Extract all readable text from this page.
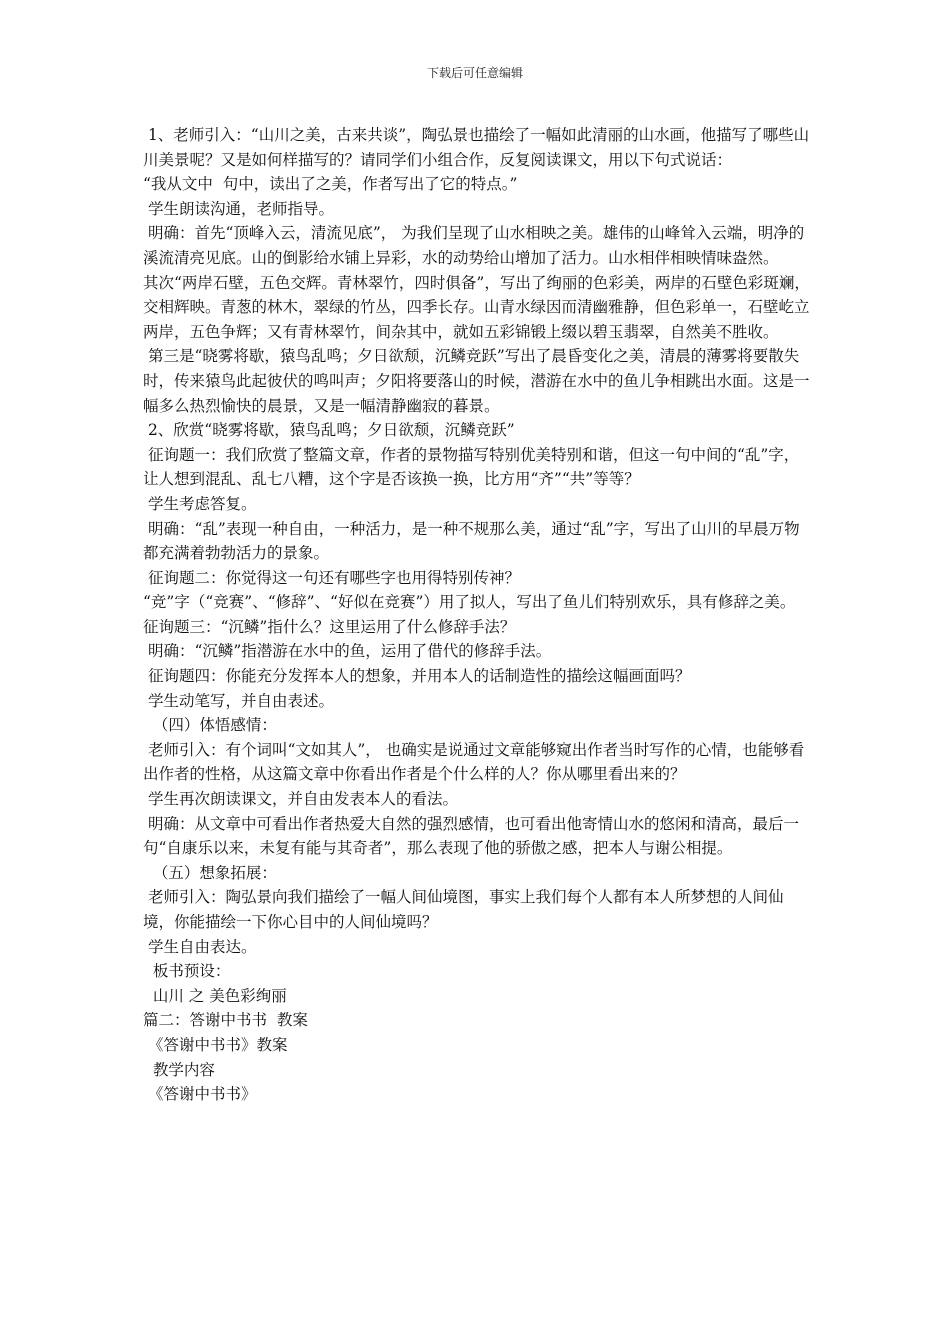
下载后可任意编辑

1、老师引入：“山川之美，古来共谈”，陶弘景也描绘了一幅如此清丽的山水画，他描写了哪些山川美景呢？又是如何样描写的？请同学们小组合作，反复阅读课文，用以下句式说话：

“我从文中  句中，读出了之美，作者写出了它的特点。”

学生朗读沟通，老师指导。

明确：首先“顶峰入云，清流见底”， 为我们呈现了山水相映之美。雄伟的山峰耸入云端，明净的溪流清亮见底。山的倒影给水铺上异彩，水的动势给山增加了活力。山水相伴相映情味盎然。

其次“两岸石壁，五色交辉。青林翠竹，四时俱备”，写出了绚丽的色彩美，两岸的石壁色彩斑斓，交相辉映。青葱的林木，翠绿的竹丛，四季长存。山青水绿因而清幽雅静，但色彩单一，石壁屹立两岸，五色争辉；又有青林翠竹，间杂其中，就如五彩锦锻上缀以碧玉翡翠，自然美不胜收。

第三是“晓雾将歇，猿鸟乱鸣；夕日欲颓，沉鳞竞跃”写出了晨昏变化之美，清晨的薄雾将要散失时，传来猿鸟此起彼伏的鸣叫声；夕阳将要落山的时候，潜游在水中的鱼儿争相跳出水面。这是一幅多么热烈愉快的晨景，又是一幅清静幽寂的暮景。

2、欣赏“晓雾将歇，猿鸟乱鸣；夕日欲颓，沉鳞竞跃”

征询题一：我们欣赏了整篇文章，作者的景物描写特别优美特别和谐，但这一句中间的“乱”字，让人想到混乱、乱七八糟，这个字是否该换一换，比方用“齐”“共”等等？

学生考虑答复。

明确：“乱”表现一种自由，一种活力，是一种不规那么美，通过“乱”字，写出了山川的早晨万物都充满着勃勃活力的景象。

征询题二：你觉得这一句还有哪些字也用得特别传神？

“竞”字（“竞赛”、“修辞”、“好似在竞赛”）用了拟人，写出了鱼儿们特别欢乐，具有修辞之美。 征询题三：“沉鳞”指什么？这里运用了什么修辞手法？

明确：“沉鳞”指潜游在水中的鱼，运用了借代的修辞手法。

征询题四：你能充分发挥本人的想象，并用本人的话制造性的描绘这幅画面吗？

学生动笔写，并自由表述。

（四）体悟感情：

老师引入：有个词叫“文如其人”， 也确实是说通过文章能够窥出作者当时写作的心情，也能够看出作者的性格，从这篇文章中你看出作者是个什么样的人？你从哪里看出来的？

学生再次朗读课文，并自由发表本人的看法。

明确：从文章中可看出作者热爱大自然的强烈感情，也可看出他寄情山水的悠闲和清高，最后一句“自康乐以来，未复有能与其奇者”，那么表现了他的骄傲之感，把本人与谢公相提。

（五）想象拓展：

老师引入：陶弘景向我们描绘了一幅人间仙境图，事实上我们每个人都有本人所梦想的人间仙境，你能描绘一下你心目中的人间仙境吗？

学生自由表达。

板书预设：

山川 之 美色彩绚丽

篇二：答谢中书书  教案

《答谢中书书》教案

教学内容

《答谢中书书》
